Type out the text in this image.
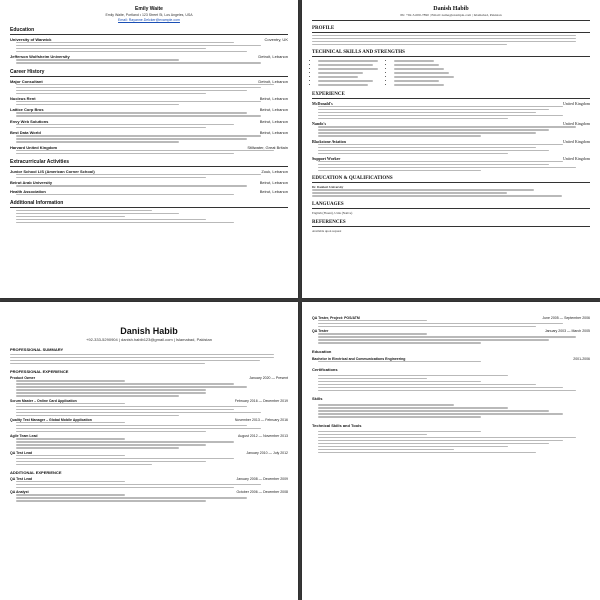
Emily Waite
Emily Waite, Portland • 123 Street St, Los Angeles, USA
Email: Rayanne.Delcker@example.com
Education
University of Warwick	Coventry, UK
Jefferson Wolfsheim University	Detroit, Lebanon
Career History
Major Consultant	Detroit, Lebanon
Nucleus Rent	Beirut, Lebanon
Lattice Corp Bros	Beirut, Lebanon
Envy Web Solutions	Beirut, Lebanon
Best Data World	Beirut, Lebanon
Harvard United Kingdom	Stillwater, Great Britain
Extracurricular Activities
Junior School LIS (American Corner School)	Zouk, Lebanon
Beirut Arab University	Beirut, Lebanon
Health Association	Beirut, Lebanon
Additional Information
Danish Habib
Ph: +92-3-000-7890 | Email: name@example.com | Islamabad, Pakistan
PROFILE
TECHNICAL SKILLS AND STRENGTHS
•
•
•
•
•
•
•
•
•
•
•
•
•
•
EXPERIENCE
McDonald's	United Kingdom
Nando's	United Kingdom
Blackstone Aviation	United Kingdom
Support Worker	United Kingdom
EDUCATION & QUALIFICATIONS
Dr. Danbert University
LANGUAGES
English (Fluent), Urdu (Native)
REFERENCES
Available upon request
Danish Habib
+92-333-5290904 | danish.habib123@gmail.com | Islamabad, Pakistan
PROFESSIONAL SUMMARY
PROFESSIONAL EXPERIENCE
Product Owner	January 2020 — Present
Scrum Master – Online Card Application	February 2016 — December 2019
Quality Test Manager – Global Mobile Application	November 2013 — February 2016
Agile Team Lead	August 2012 — November 2013
QA Test Lead	January 2010 — July 2012
ADDITIONAL EXPERIENCE
QA Test Lead	January 2008 — December 2009
QA Analyst	October 2006 — December 2008
QA Tester, Project: POS/ATM	June 2005 — September 2006
QA Tester	January 2003 — March 2005
Education
Bachelor in Electrical and Communications Engineering	2001-2006
Certifications
Skills
Technical Skills and Tools
